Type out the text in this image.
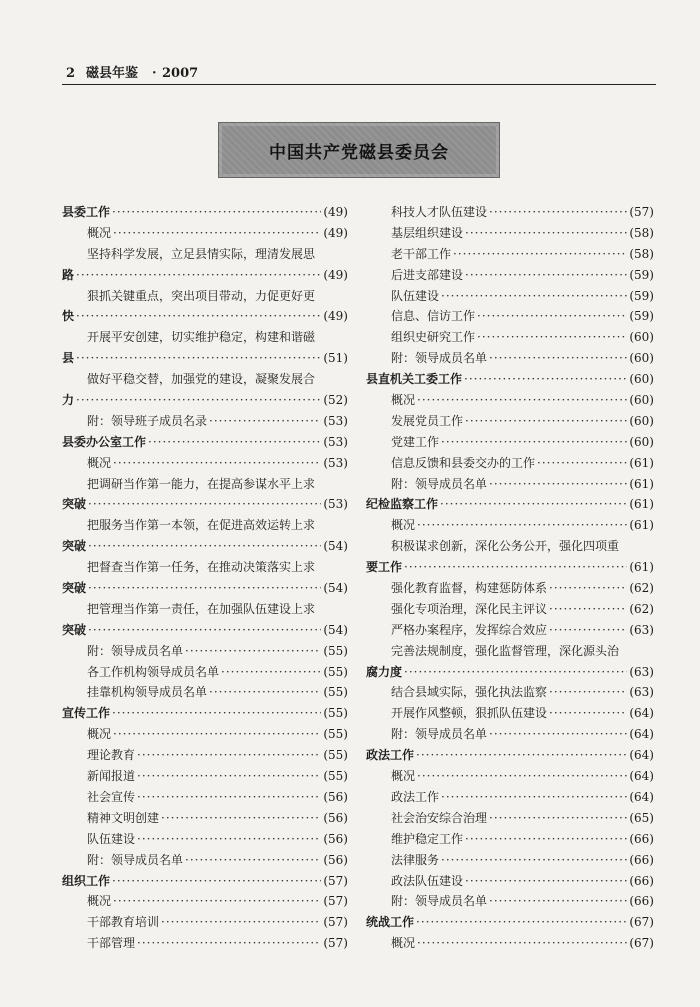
2 磁县年鉴 · 2007
中国共产党磁县委员会
县委工作 ·····	(49)
概况 ·····	(49)
坚持科学发展，立足县情实际，理清发展思
路 ·····	(49)
狠抓关键重点，突出项目带动，力促更好更
快 ·····	(49)
开展平安创建，切实维护稳定，构建和谐磁
县 ·····	(51)
做好平稳交替，加强党的建设，凝聚发展合
力 ·····	(52)
附：领导班子成员名录 ·····	(53)
县委办公室工作 ·····	(53)
概况 ·····	(53)
把调研当作第一能力，在提高参谋水平上求
突破 ·····	(53)
把服务当作第一本领，在促进高效运转上求
突破 ·····	(54)
把督查当作第一任务，在推动决策落实上求
突破 ·····	(54)
把管理当作第一责任，在加强队伍建设上求
突破 ·····	(54)
附：领导成员名单 ·····	(55)
各工作机构领导成员名单 ·····	(55)
挂靠机构领导成员名单 ·····	(55)
宣传工作 ·····	(55)
概况 ·····	(55)
理论教育 ·····	(55)
新闻报道 ·····	(55)
社会宣传 ·····	(56)
精神文明创建 ·····	(56)
队伍建设 ·····	(56)
附：领导成员名单 ·····	(56)
组织工作 ·····	(57)
概况 ·····	(57)
干部教育培训 ·····	(57)
干部管理 ·····	(57)
科技人才队伍建设 ·····	(57)
基层组织建设 ·····	(58)
老干部工作 ·····	(58)
后进支部建设 ·····	(59)
队伍建设 ·····	(59)
信息、信访工作 ·····	(59)
组织史研究工作 ·····	(60)
附：领导成员名单 ·····	(60)
县直机关工委工作 ·····	(60)
概况 ·····	(60)
发展党员工作 ·····	(60)
党建工作 ·····	(60)
信息反馈和县委交办的工作 ·····	(61)
附：领导成员名单 ·····	(61)
纪检监察工作 ·····	(61)
概况 ·····	(61)
积极谋求创新，深化公务公开，强化四项重
要工作 ·····	(61)
强化教育监督，构建惩防体系 ·····	(62)
强化专项治理，深化民主评议 ·····	(62)
严格办案程序，发挥综合效应 ·····	(63)
完善法规制度，强化监督管理，深化源头治
腐力度 ·····	(63)
结合县域实际，强化执法监察 ·····	(63)
开展作风整顿，狠抓队伍建设 ·····	(64)
附：领导成员名单 ·····	(64)
政法工作 ·····	(64)
概况 ·····	(64)
政法工作 ·····	(64)
社会治安综合治理 ·····	(65)
维护稳定工作 ·····	(66)
法律服务 ·····	(66)
政法队伍建设 ·····	(66)
附：领导成员名单 ·····	(66)
统战工作 ·····	(67)
概况 ·····	(67)
